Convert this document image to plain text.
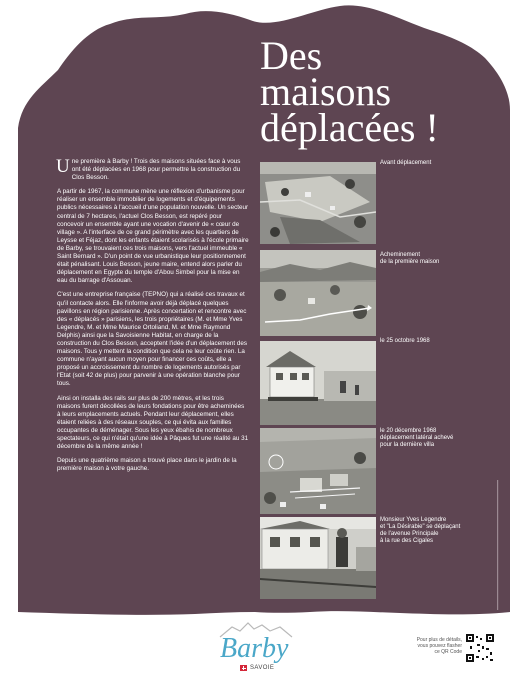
Des
maisons
déplacées !

Une première à Barby ! Trois des maisons situées face à vous ont été déplacées en 1968 pour permettre la construction du Clos Besson.

A partir de 1967, la commune mène une réflexion d'urbanisme pour réaliser un ensemble immobilier de logements et d'équipements publics nécessaires à l'accueil d'une population nouvelle. Un secteur central de 7 hectares, l'actuel Clos Besson, est repéré pour concevoir un ensemble ayant une vocation d'avenir de « cœur de village ». A l'interface de ce grand périmètre avec les quartiers de Leysse et Féjaz, dont les enfants étaient scolarisés à l'école primaire de Barby, se trouvaient ces trois maisons, vers l'actuel immeuble « Saint Bernard ». D'un point de vue urbanistique leur positionnement était pénalisant. Louis Besson, jeune maire, entend alors parler du déplacement en Egypte du temple d'Abou Simbel pour la mise en eau du barrage d'Assouan.

C'est une entreprise française (TEPNO) qui a réalisé ces travaux et qu'il contacte alors. Elle l'informe avoir déjà déplacé quelques pavillons en région parisienne. Après concertation et rencontre avec des « déplacés » parisiens, les trois propriétaires (M. et Mme Yves Legendre, M. et Mme Maurice Ortoliand, M. et Mme Raymond Delphis) ainsi que la Savoisienne Habitat, en charge de la construction du Clos Besson, acceptent l'idée d'un déplacement des maisons. Tous y mettent la condition que cela ne leur coûte rien. La commune n'ayant aucun moyen pour financer ces coûts, elle a proposé un accroissement du nombre de logements autorisés par l'Etat (soit 42 de plus) pour parvenir à une opération blanche pour tous.

Ainsi on installa des rails sur plus de 200 mètres, et les trois maisons furent décollées de leurs fondations pour être acheminées à leurs emplacements actuels. Pendant leur déplacement, elles étaient reliées à des réseaux souples, ce qui évita aux familles occupantes de déménager. Sous les yeux ébahis de nombreux spectateurs, ce qui n'était qu'une idée à Pâques fut une réalité au 31 décembre de la même année !

Depuis une quatrième maison a trouvé place dans le jardin de la première maison à votre gauche.

Avant déplacement
Acheminement
de la première maison
le 25 octobre 1968
le 20 décembre 1968
déplacement latéral achevé
pour la dernière villa
Monsieur Yves Legendre
et "La Désirabie" se déplaçant
de l'avenue Principale
à la rue des Cigales
Barby
SAVOIE
Pour plus de détails,
vous pouvez flasher
ce QR Code
